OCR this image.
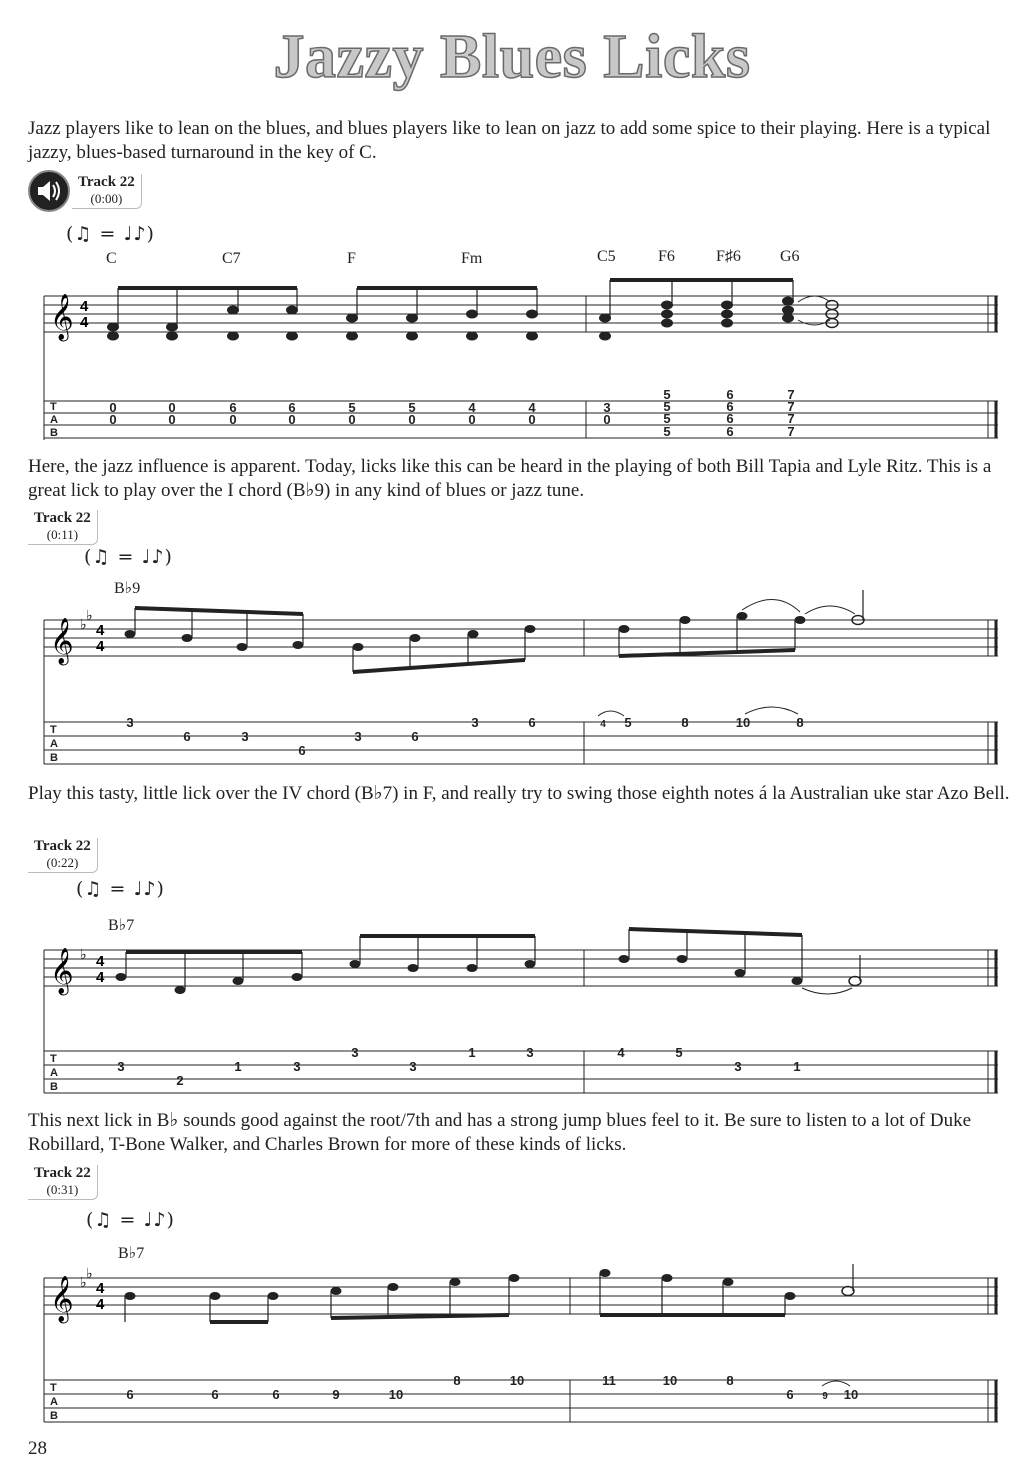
Jazzy Blues Licks

Jazz players like to lean on the blues, and blues players like to lean on jazz to add some spice to their playing. Here is a typical jazzy, blues-based turnaround in the key of C.

Track 22
(0:00)
(♫ = ♩♪)
C	C7	F	Fm	C5	F6	F♯6 G6
𝄞 4
4
0
0
0
0
6
0
6
0
5
0
5
0
4
0
4
0
3
0
5
5
5
5
6
6
6
6
7
7
7
7
T
A
B

Here, the jazz influence is apparent. Today, licks like this can be heard in the playing of both Bill Tapia and Lyle Ritz. This is a great lick to play over the I chord (B♭9) in any kind of blues or jazz tune.

Track 22
(0:11)
(♫ = ♩♪)
B♭9
𝄞 ♭
♭
4
4
3
6	3
6
3	6
3	6	4 5	8	10	8
T
A
B

Play this tasty, little lick over the IV chord (B♭7) in F, and really try to swing those eighth notes á la Australian uke star Azo Bell.

Track 22
(0:22)
(♫ = ♩♪)
B♭7
𝄞 ♭ 4
4
3
2
1	3
3
3
1	3	4	5
3	1
T
A
B

This next lick in B♭ sounds good against the root/7th and has a strong jump blues feel to it. Be sure to listen to a lot of Duke Robillard, T-Bone Walker, and Charles Brown for more of these kinds of licks.

Track 22
(0:31)
(♫ = ♩♪)
B♭7
𝄞 ♭
♭
4
4
6	6	6	9	10
8	10	11	10	8
6	9 10
T
A
B
28
